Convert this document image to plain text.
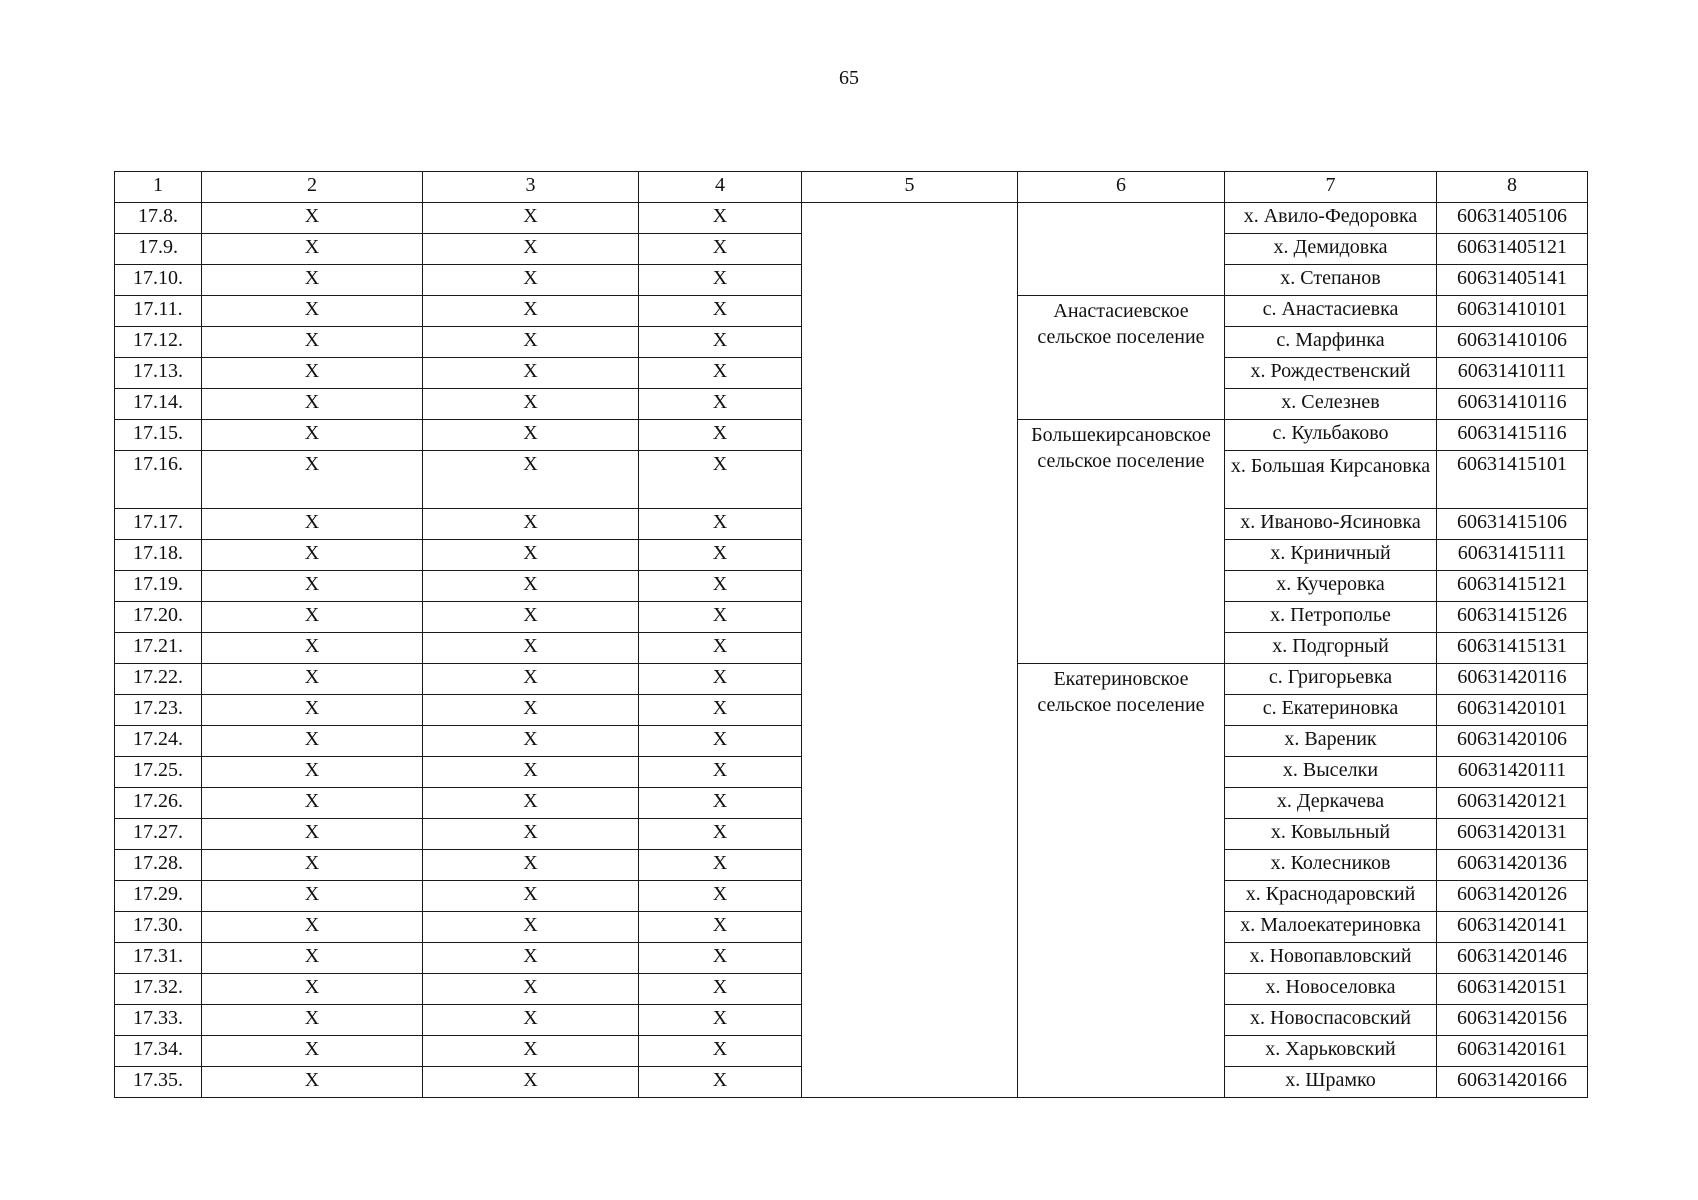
65
1	2	3	4	5	6	7	8
17.8.	Х	Х	Х			х. Авило-Федоровка	60631405106
17.9.	Х	Х	Х			х. Демидовка	60631405121
17.10.	Х	Х	Х			х. Степанов	60631405141
17.11.	Х	Х	Х		Анастасиевское сельское поселение	с. Анастасиевка	60631410101
17.12.	Х	Х	Х			с. Марфинка	60631410106
17.13.	Х	Х	Х			х. Рождественский	60631410111
17.14.	Х	Х	Х			х. Селезнев	60631410116
17.15.	Х	Х	Х		Большекирсановское сельское поселение	с. Кульбаково	60631415116
17.16.	Х	Х	Х			х. Большая Кирсановка	60631415101
17.17.	Х	Х	Х			х. Иваново-Ясиновка	60631415106
17.18.	Х	Х	Х			х. Криничный	60631415111
17.19.	Х	Х	Х			х. Кучеровка	60631415121
17.20.	Х	Х	Х			х. Петрополье	60631415126
17.21.	Х	Х	Х			х. Подгорный	60631415131
17.22.	Х	Х	Х		Екатериновское сельское поселение	с. Григорьевка	60631420116
17.23.	Х	Х	Х			с. Екатериновка	60631420101
17.24.	Х	Х	Х			х. Вареник	60631420106
17.25.	Х	Х	Х			х. Выселки	60631420111
17.26.	Х	Х	Х			х. Деркачева	60631420121
17.27.	Х	Х	Х			х. Ковыльный	60631420131
17.28.	Х	Х	Х			х. Колесников	60631420136
17.29.	Х	Х	Х			х. Краснодаровский	60631420126
17.30.	Х	Х	Х			х. Малоекатериновка	60631420141
17.31.	Х	Х	Х			х. Новопавловский	60631420146
17.32.	Х	Х	Х			х. Новоселовка	60631420151
17.33.	Х	Х	Х			х. Новоспасовский	60631420156
17.34.	Х	Х	Х			х. Харьковский	60631420161
17.35.	Х	Х	Х			х. Шрамко	60631420166
